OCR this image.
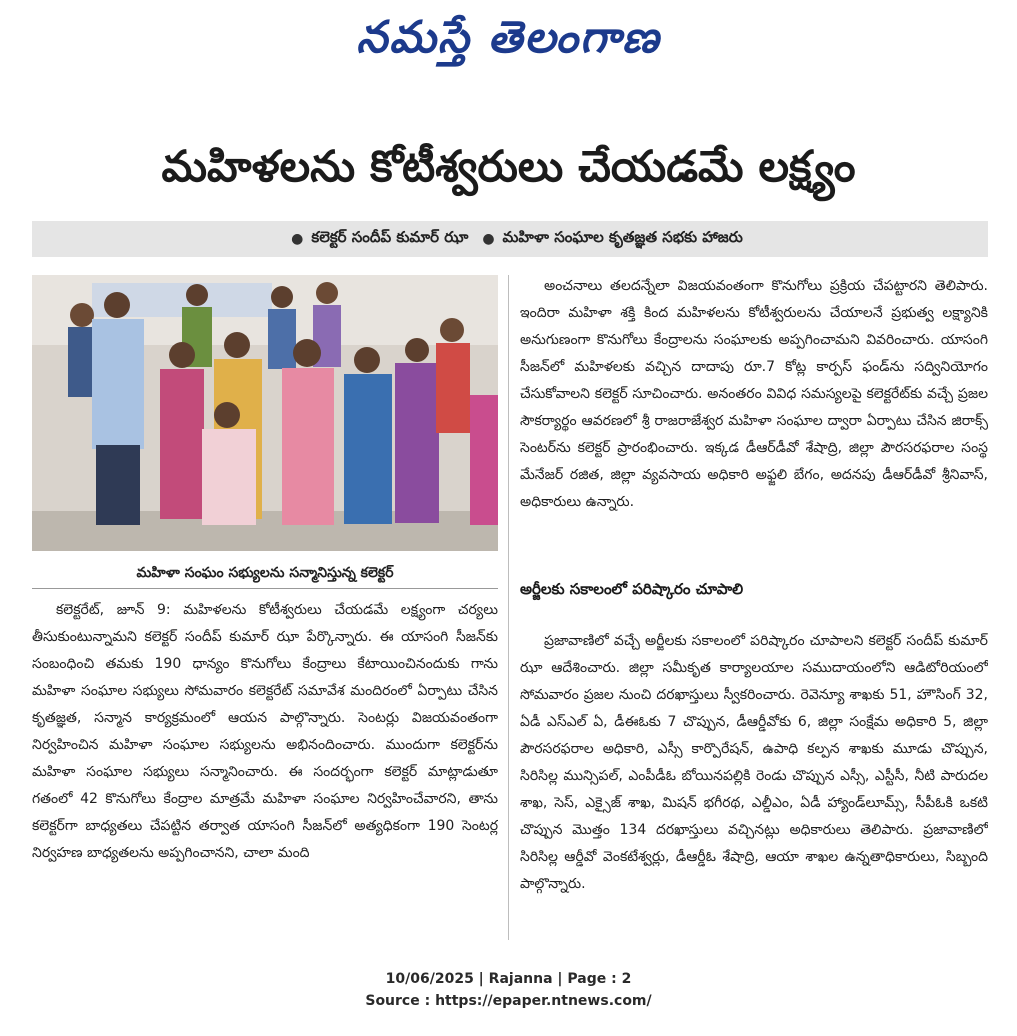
నమస్తే తెలంగాణ
మహిళలను కోటీశ్వరులు చేయడమే లక్ష్యం
● కలెక్టర్ సందీప్ కుమార్ ఝా ● మహిళా సంఘాల కృతజ్ఞత సభకు హాజరు
మహిళా సంఘం సభ్యులను సన్మానిస్తున్న కలెక్టర్

కలెక్టరేట్, జూన్ 9: మహిళలను కోటీశ్వరులు చేయడమే లక్ష్యంగా చర్యలు తీసుకుంటున్నామని కలెక్టర్ సందీప్ కుమార్ ఝా పేర్కొన్నారు. ఈ యాసంగి సీజన్‌కు సంబంధించి తమకు 190 ధాన్యం కొనుగోలు కేంద్రాలు కేటాయించినందుకు గాను మహిళా సంఘాల సభ్యులు సోమవారం కలెక్టరేట్ సమావేశ మందిరంలో ఏర్పాటు చేసిన కృతజ్ఞత, సన్మాన కార్యక్రమంలో ఆయన పాల్గొన్నారు. సెంటర్లు విజయవంతంగా నిర్వహించిన మహిళా సంఘాల సభ్యులను అభినందించారు. ముందుగా కలెక్టర్‌ను మహిళా సంఘాల సభ్యులు సన్మానించారు. ఈ సందర్భంగా కలెక్టర్ మాట్లాడుతూ గతంలో 42 కొనుగోలు కేంద్రాల మాత్రమే మహిళా సంఘాల నిర్వహించేవారని, తాను కలెక్టర్‌గా బాధ్యతలు చేపట్టిన తర్వాత యాసంగి సీజన్‌లో అత్యధికంగా 190 సెంటర్ల నిర్వహణ బాధ్యతలను అప్పగించానని, చాలా మంది

అంచనాలు తలదన్నేలా విజయవంతంగా కొనుగోలు ప్రక్రియ చేపట్టారని తెలిపారు. ఇందిరా మహిళా శక్తి కింద మహిళలను కోటీశ్వరులను చేయాలనే ప్రభుత్వ లక్ష్యానికి అనుగుణంగా కొనుగోలు కేంద్రాలను సంఘాలకు అప్పగించామని వివరించారు. యాసంగి సీజన్‌లో మహిళలకు వచ్చిన దాదాపు రూ.7 కోట్ల కార్పస్ ఫండ్‌ను సద్వినియోగం చేసుకోవాలని కలెక్టర్ సూచించారు. అనంతరం వివిధ సమస్యలపై కలెక్టరేట్‌కు వచ్చే ప్రజల సౌకర్యార్థం ఆవరణలో శ్రీ రాజరాజేశ్వర మహిళా సంఘాల ద్వారా ఏర్పాటు చేసిన జిరాక్స్ సెంటర్‌ను కలెక్టర్ ప్రారంభించారు. ఇక్కడ డీఆర్‌డీవో శేషాద్రి, జిల్లా పౌరసరఫరాల సంస్థ మేనేజర్ రజిత, జిల్లా వ్యవసాయ అధికారి అఫ్జలి బేగం, అదనపు డీఆర్‌డీవో శ్రీనివాస్, అధికారులు ఉన్నారు.

అర్జీలకు సకాలంలో పరిష్కారం చూపాలి

ప్రజావాణిలో వచ్చే అర్జీలకు సకాలంలో పరిష్కారం చూపాలని కలెక్టర్ సందీప్ కుమార్ ఝా ఆదేశించారు. జిల్లా సమీకృత కార్యాలయాల సముదాయంలోని ఆడిటోరియంలో సోమవారం ప్రజల నుంచి దరఖాస్తులు స్వీకరించారు. రెవెన్యూ శాఖకు 51, హౌసింగ్ 32, ఏడీ ఎస్ఎల్ ఏ, డీఈఓకు 7 చొప్పున, డీఆర్డీవోకు 6, జిల్లా సంక్షేమ అధికారి 5, జిల్లా పౌరసరఫరాల అధికారి, ఎస్సీ కార్పొరేషన్, ఉపాధి కల్పన శాఖకు మూడు చొప్పున, సిరిసిల్ల మున్సిపల్, ఎంపీడీఓ బోయినపల్లికి రెండు చొప్పున ఎస్సీ, ఎస్టీసీ, నీటి పారుదల శాఖ, సెస్, ఎక్సైజ్ శాఖ, మిషన్ భగీరథ, ఎల్డీఎం, ఏడీ హ్యాండ్‌లూమ్స్, సీపీఓకి ఒకటి చొప్పున మొత్తం 134 దరఖాస్తులు వచ్చినట్లు అధికారులు తెలిపారు. ప్రజావాణిలో సిరిసిల్ల ఆర్డీవో వెంకటేశ్వర్లు, డీఆర్డీఓ శేషాద్రి, ఆయా శాఖల ఉన్నతాధికారులు, సిబ్బంది పాల్గొన్నారు.

10/06/2025 | Rajanna | Page : 2
Source : https://epaper.ntnews.com/
